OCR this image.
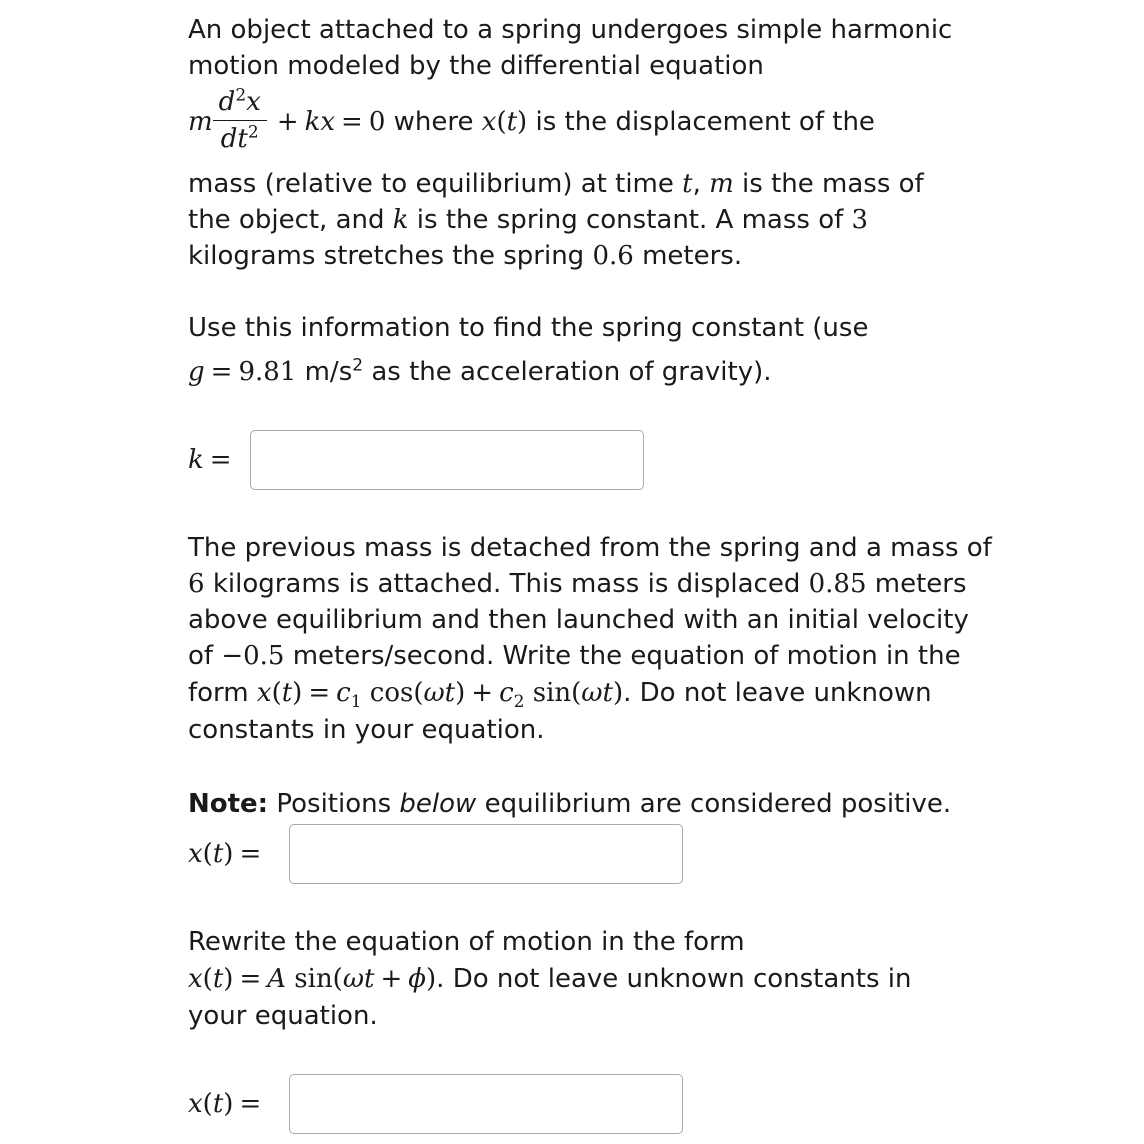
An object attached to a spring undergoes simple harmonic
motion modeled by the differential equation
m $\frac{d^2x}{dt^2}$ + kx = 0 where x(t) is the displacement of the
mass (relative to equilibrium) at time t, m is the mass of
the object, and k is the spring constant. A mass of 3
kilograms stretches the spring 0.6 meters.
Use this information to find the spring constant (use
g = 9.81 $m/s^2$ as the acceleration of gravity).
k =
The previous mass is detached from the spring and a mass of
6 kilograms is attached. This mass is displaced 0.85 meters
above equilibrium and then launched with an initial velocity
of −0.5 meters/second. Write the equation of motion in the
form $x(t) = c_1$ $\cos(\omega t) + c_2$ sin(ωt). Do not leave unknown
constants in your equation.
Note: Positions below equilibrium are considered positive.
x(t) =
Rewrite the equation of motion in the form
x(t) = A sin(ωt + ϕ). Do not leave unknown constants in
your equation.
x(t) =
